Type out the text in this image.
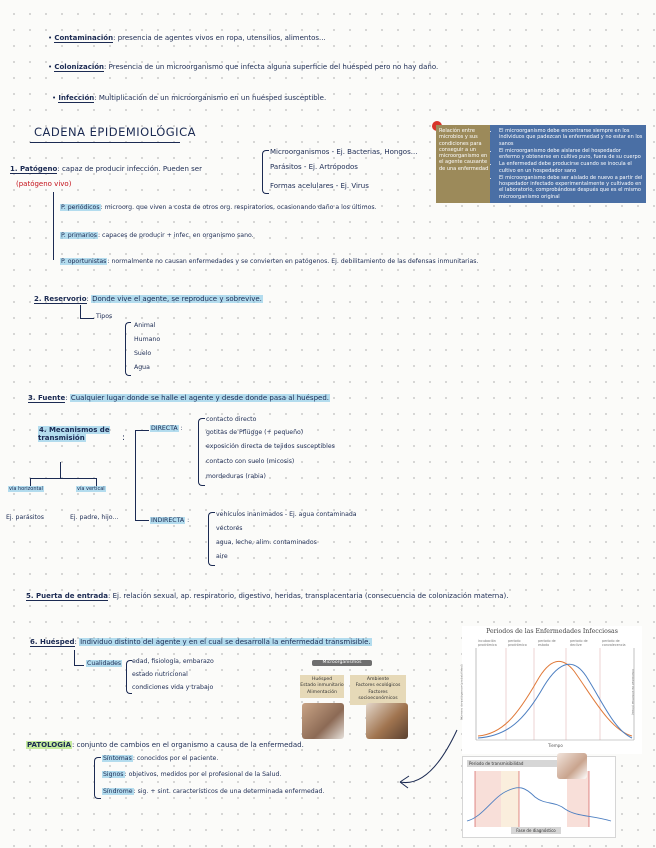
• Contaminación: presencia de agentes vivos en ropa, utensilios, alimentos...
• Colonización: Presencia de un microorganismo que infecta alguna superficie del huésped pero no hay daño.
• Infección: Multiplicación de un microorganismo en un huésped susceptible.
CADENA EPIDEMIOLÓGICA
1. Patógeno: capaz de producir infección. Pueden ser
(patógeno vivo)
Microorganismos - Ej. Bacterias, Hongos...
Parásitos - Ej. Artrópodos
Formas acelulares - Ej. Virus
P. periódicos: microorg. que viven a costa de otros org. respiratorios, ocasionando daño a los últimos.
P. primarios: capaces de producir + infec. en organismo sano.
P. oportunistas: normalmente no causan enfermedades y se convierten en patógenos. Ej. debilitamiento de las defensas inmunitarias.
Relación entre microbios y sus condiciones para conseguir a un microorganismo en el agente causante de una enfermedad
• El microorganismo debe encontrarse siempre en los individuos que padezcan la enfermedad y no estar en los sanos
• El microorganismo debe aislarse del hospedador enfermo y obtenerse en cultivo puro, fuera de su cuerpo
• La enfermedad debe producirse cuando se inocula el cultivo en un hospedador sano
• El microorganismo debe ser aislado de nuevo a partir del hospedador infectado experimentalmente y cultivado en el laboratorio, comprobándose después que es el mismo microorganismo original
2. Reservorio: Donde vive el agente, se reproduce y sobrevive.
Tipos
Animal
Humano
Suelo
Agua
3. Fuente: Cualquier lugar donde se halle el agente y desde donde pasa al huésped.
4. Mecanismos de transmisión	:
DIRECTA :
contacto directo
gotitas de Pflügge (+ pequeño)
exposición directa de tejidos susceptibles
contacto con suelo (micosis)
mordeduras (rabia)
INDIRECTA :
vehículos inanimados - Ej. agua contaminada
vectores
agua, leche, alim. contaminados
aire
vía horizontal	vía vertical
Ej. parásitos	Ej. padre, hijo...
5. Puerta de entrada: Ej. relación sexual, ap. respiratorio, digestivo, heridas, transplacentaria (consecuencia de colonización materna).
6. Huésped: Individuo distinto del agente y en el cual se desarrolla la enfermedad transmisible.
Cualidades edad, fisiología, embarazo
estado nutricional
condiciones vida y trabajo
Microorganismos
Huésped
Estado inmunitario
Alimentación
Ambiente
Factores ecológicos
Factores socioeconómicos
PATOLOGÍA: conjunto de cambios en el organismo a causa de la enfermedad.
Síntomas: conocidos por el paciente.
Signos: objetivos, medidos por el profesional de la Salud.
Síndrome: sig. + sint. característicos de una determinada enfermedad.
Periodos de las Enfermedades Infecciosas
incubación prodrómica
período prodrómico
período de estado
periodo de declive
período de convalecencia
Tiempo
Número de patógenos (probabilidad)	Intensidad de síntomas (línea)
Periodo de transmisibilidad
Fase de diagnóstico
